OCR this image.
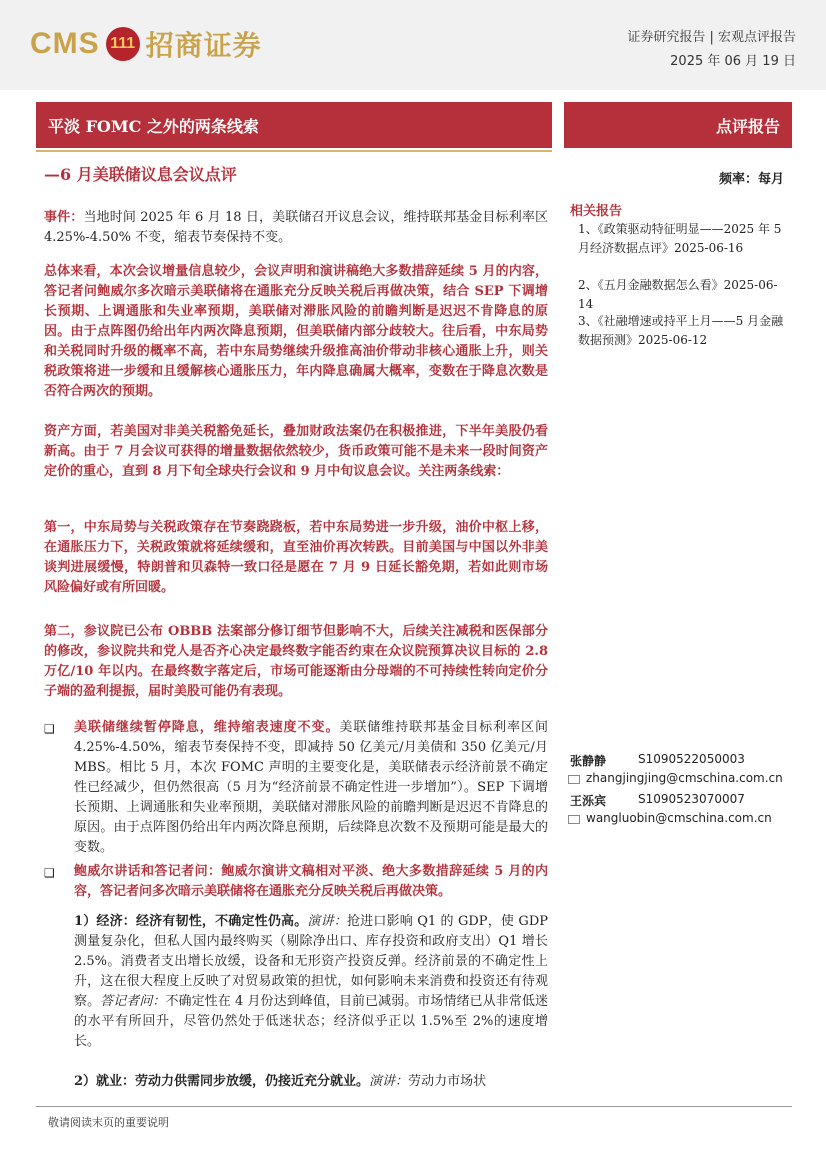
CMS 111 招商证券	证券研究报告 | 宏观点评报告
2025 年 06 月 19 日
平淡 FOMC 之外的两条线索	点评报告
—6 月美联储议息会议点评	频率：每月
事件：当地时间 2025 年 6 月 18 日，美联储召开议息会议，维持联邦基金目标利率区 4.25%-4.50% 不变，缩表节奏保持不变。
总体来看，本次会议增量信息较少，会议声明和演讲稿绝大多数措辞延续 5 月的内容，答记者问鲍威尔多次暗示美联储将在通胀充分反映关税后再做决策，结合 SEP 下调增长预期、上调通胀和失业率预期，美联储对滞胀风险的前瞻判断是迟迟不肯降息的原因。由于点阵图仍给出年内两次降息预期，但美联储内部分歧较大。往后看，中东局势和关税同时升级的概率不高，若中东局势继续升级推高油价带动非核心通胀上升，则关税政策将进一步缓和且缓解核心通胀压力，年内降息确属大概率，变数在于降息次数是否符合两次的预期。
资产方面，若美国对非美关税豁免延长，叠加财政法案仍在积极推进，下半年美股仍看新高。由于 7 月会议可获得的增量数据依然较少，货币政策可能不是未来一段时间资产定价的重心，直到 8 月下旬全球央行会议和 9 月中旬议息会议。关注两条线索：
第一，中东局势与关税政策存在节奏跷跷板，若中东局势进一步升级，油价中枢上移，在通胀压力下，关税政策就将延续缓和，直至油价再次转跌。目前美国与中国以外非美谈判进展缓慢，特朗普和贝森特一致口径是愿在 7 月 9 日延长豁免期，若如此则市场风险偏好或有所回暖。
第二，参议院已公布 OBBB 法案部分修订细节但影响不大，后续关注减税和医保部分的修改，参议院共和党人是否齐心决定最终数字能否约束在众议院预算决议目标的 2.8 万亿/10 年以内。在最终数字落定后，市场可能逐渐由分母端的不可持续性转向定价分子端的盈利提振，届时美股可能仍有表现。
❑ 美联储继续暂停降息，维持缩表速度不变。美联储维持联邦基金目标利率区间 4.25%-4.50%，缩表节奏保持不变，即减持 50 亿美元/月美债和 350 亿美元/月 MBS。相比 5 月，本次 FOMC 声明的主要变化是，美联储表示经济前景不确定性已经减少，但仍然很高（5 月为“经济前景不确定性进一步增加”）。SEP 下调增长预期、上调通胀和失业率预期，美联储对滞胀风险的前瞻判断是迟迟不肯降息的原因。由于点阵图仍给出年内两次降息预期，后续降息次数不及预期可能是最大的变数。
❑ 鲍威尔讲话和答记者问：鲍威尔演讲文稿相对平淡、绝大多数措辞延续 5 月的内容，答记者问多次暗示美联储将在通胀充分反映关税后再做决策。
1）经济：经济有韧性，不确定性仍高。演讲：抢进口影响 Q1 的 GDP，使 GDP 测量复杂化，但私人国内最终购买（剔除净出口、库存投资和政府支出）Q1 增长 2.5%。消费者支出增长放缓，设备和无形资产投资反弹。经济前景的不确定性上升，这在很大程度上反映了对贸易政策的担忧，如何影响未来消费和投资还有待观察。答记者问：不确定性在 4 月份达到峰值，目前已减弱。市场情绪已从非常低迷的水平有所回升，尽管仍然处于低迷状态；经济似乎正以 1.5%至 2%的速度增长。
2）就业：劳动力供需同步放缓，仍接近充分就业。演讲：劳动力市场状
相关报告
1、《政策驱动特征明显——2025 年 5 月经济数据点评》2025-06-16
2、《五月金融数据怎么看》2025-06-14
3、《社融增速或持平上月——5 月金融数据预测》2025-06-12
张静静	S1090522050003
zhangjingjing@cmschina.com.cn
王泺宾	S1090523070007
wangluobin@cmschina.com.cn
敬请阅读末页的重要说明
